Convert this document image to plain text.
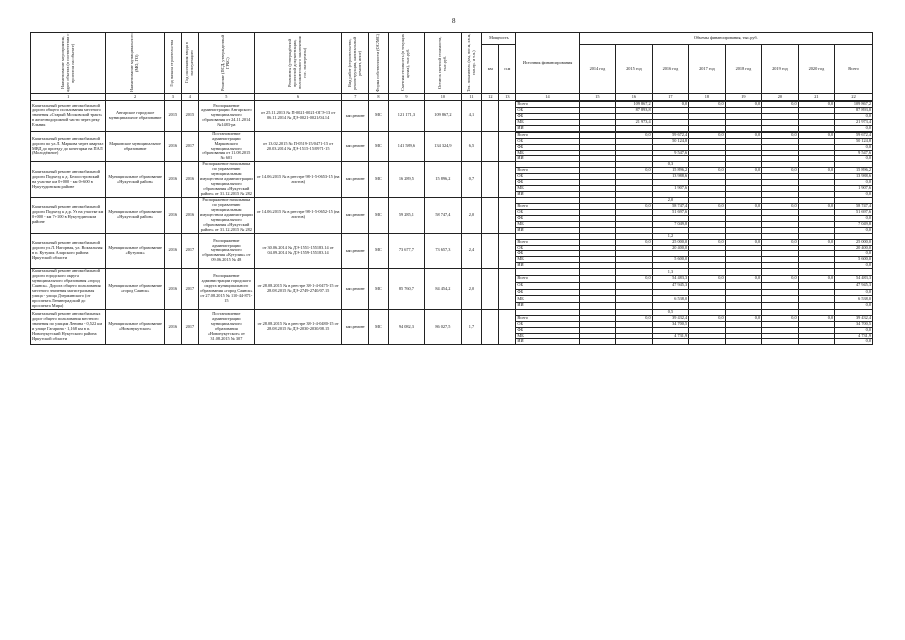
8
Наименование мероприятия, адрес объекта (в соответствии с проектом на объекте)	Наименование муниципального (МО, ГО)	Год начала строительства	Год окончания ввода в эксплуатацию	Решение (ПСД, утвержденный ГРБС)	Реквизиты (утверждённой проектной документации, положительного заключения гос. экспертизы)	Вид работ (строительство, реконструкция, капитальный ремонт, иное)	Форма собственности (ОС/МС)	Сметная стоимость (в текущих ценах), тыс.руб.	Остаток сметной стоимости, тыс.руб.	Тех. показатель (км, пог.м, кв.м, скв.пр. и т.п.)	Мощность		Источник финансирования	Объемы финансирования, тыс.руб.							
											км	п.м		2014 год	2015 год	2016 год	2017 год	2018 год	2019 год	2020 год	Всего
1	2	3	4	5	6	7	8	9	10	11	12	13	14	15	16	17	18	19	20	21	22
Капитальный ремонт автомобильной дороги общего пользования местного значения «Старый Московский тракт» в железнодорожной части через реку Ельник	Ангарское городское муниципальное образование	2015	2015	Распоряжение администрации Ангарского муниципального образования от 24.11.2014 №1483-ра	от 25.11.2013 № П-0021-0021-ОГЭ-13 от 06.11.2014 № ДЭ-0021-0021/04.14	кап.ремонт	МС	121 171,3	109 867,2	4,1											
													Всего		109 867,2	0,0	0,0	0,0	0,0	0,0	109 867,2
													ОБ		87 893,8						87 893,8
													ФБ								0,0
													МБ		21 973,4						21 973,4
													ИИ								0,0
Капитальный ремонт автомобильной дороги по ул.Л. Маркова через квартал МВД до проезду до кочегарки на ПАЛ (Молодёжное)	Марковское муниципальное образование	2016	2017	Постановление администрации Марковского муниципального образования от 11.08.2015 № 601	от 13.02.2015 № П-0519-15/0471-15 от 20.03.2014 № ДЭ-1515-15/0971-15	кап.ремонт	МС	141 589,6	134 324,9	6,5											
													Всего		0,0	59 672,4	0,0	0,0	0,0	0,0	59 672,4
													ОБ			50 124,8					50 124,8
													ФБ								0,0
													МБ			9 547,6					9 547,6
													ИИ								0,0
Капитальный ремонт автомобильной дороги Подъезд к д. Белоостровский на участке км 0+000 - км 0+600 в Нукутудинском районе	Муниципальное образование «Нукутский район»	2016	2016	Распоряжение начальника по управлению муниципальным имуществом администрации муниципального образования «Нукутский район» от 31.12.2015 № 282	от 14.06.2015 № в реестре 98-1-5-0653-15 (на листов)	кап.ремонт	МС	16 289,5	15 896,2	0,7						0,3					
													Всего		0,0	15 896,2	0,0	0,0	0,0	0,0	15 896,2
													ОБ			13 988,6					13 988,6
													ФБ								0,0
													МБ			1 907,6					1 907,6
													ИИ								0,0
Капитальный ремонт автомобильной дороги Подъезд к д.р. Уз на участке км 0+000 - км 7+100 в Нукутудинском районе	Муниципальное образование «Нукутский район»	2016	2016	Распоряжение начальника по управлению муниципальным имуществом администрации муниципального образования «Нукутский район» от 31.12.2015 № 282	от 14.06.2015 № в реестре 98-1-5-0652-15 (на листов)	кап.ремонт	МС	59 285,1	58 747,4	2,0						2,0					
													Всего		0,0	58 747,4	0,0	0,0	0,0	0,0	58 747,4
													ОБ			51 697,6					51 697,6
													ФБ								0,0
													МБ			7 049,8					7 049,8
													ИИ								0,0
Капитальный ремонт автомобильной дороги ул.Л. Нагорная, ул. Вокзальная в п. Кутулик Аларского района Иркутской области	Муниципальное образование «Кутулик»	2016	2017	Распоряжение администрации муниципального образования «Кутулик» от 09.06.2015 № 48	от 30.06.2014 № ДЭ-1551-155183.14 от 04.09.2014 № ДЭ-1559-155183.14	кап.ремонт	МС	73 677,7	73 657,3	2,4						1,2					
													Всего		0,0	25 000,0	0,0	0,0	0,0	0,0	25 000,0
													ОБ			20 400,0					20 400,0
													ФБ								0,0
													МБ			5 600,0					5 600,0
													ИИ								0,0
Капитальный ремонт автомобильной дороги городского округа муниципального образования «город Саянск». Дорога общего пользования местного значения магистральная улица - улица Дзержинского (от проспекта Ленинградский до проспекта Мира)	Муниципальное образование «город Саянск»	2016	2017	Распоряжение администрации городского округа муниципального образования «город Саянск» от 27.08.2015 № 110-44-871-15	от 28.08.2015 № в реестре 38-1-4-0475-15 от 28.08.2015 № ДЭ-2749-2740/07.15	кап.ремонт	МС	85 760,7	84 454,2	2,0						1,3					
													Всего		0,0	54 483,3	0,0	0,0	0,0	0,0	54 483,3
													ОБ			47 945,3					47 945,3
													ФБ								0,0
													МБ			6 538,0					6 538,0
													ИИ								0,0
Капитальный ремонт автомобильных дорог общего пользования местного значения по улицам Ленина - 0,522 км и улице Гагарина - 1,168 км в п. Новонукутский Нукутского района Иркутской области	Муниципальное образование «Новонукутское»	2016	2017	Постановление администрации муниципального образования «Новонукутское» от 31.08.2015 № 307	от 28.08.2015 № в реестре 38-1-4-0480-15 от 28.08.2015 № ДЭ-2030-2030/08.15	кап.ремонт	МС	94 082,3	86 027,5	1,7						0,5					
													Всего		0,0	39 432,4	0,0	0,0	0,0	0,0	39 432,4
													ОБ			34 700,5					34 700,5
													ФБ								0,0
													МБ			4 731,9					4 731,9
													ИИ								0,0
